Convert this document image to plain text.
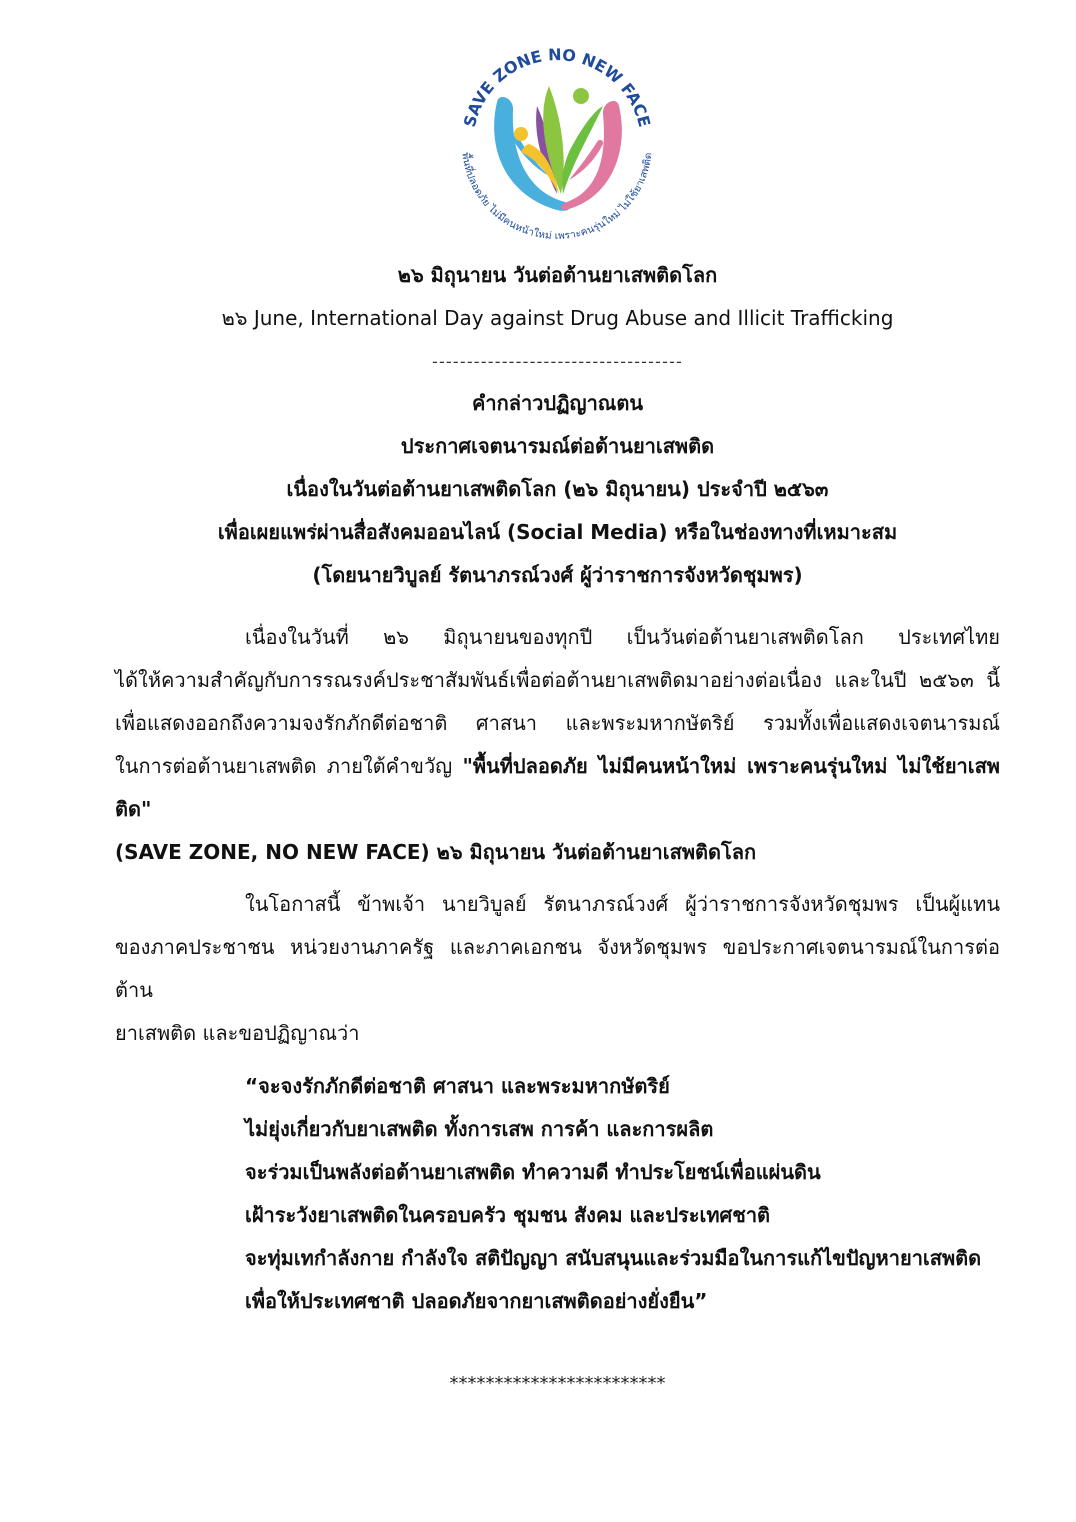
SAVE ZONE NO NEW FACE
พื้นที่ปลอดภัย ไม่มีคนหน้าใหม่ เพราะคนรุ่นใหม่ ไม่ใช้ยาเสพติด
๒๖ มิถุนายน วันต่อต้านยาเสพติดโลก
๒๖ June, International Day against Drug Abuse and Illicit Trafficking
------------------------------------
คำกล่าวปฏิญาณตน
ประกาศเจตนารมณ์ต่อต้านยาเสพติด
เนื่องในวันต่อต้านยาเสพติดโลก (๒๖ มิถุนายน) ประจำปี ๒๕๖๓
เพื่อเผยแพร่ผ่านสื่อสังคมออนไลน์ (Social Media) หรือในช่องทางที่เหมาะสม
(โดยนายวิบูลย์ รัตนาภรณ์วงศ์ ผู้ว่าราชการจังหวัดชุมพร)
เนื่องในวันที่ ๒๖ มิถุนายนของทุกปี เป็นวันต่อต้านยาเสพติดโลก ประเทศไทย
ได้ให้ความสำคัญกับการรณรงค์ประชาสัมพันธ์เพื่อต่อต้านยาเสพติดมาอย่างต่อเนื่อง และในปี ๒๕๖๓ นี้
เพื่อแสดงออกถึงความจงรักภักดีต่อชาติ ศาสนา และพระมหากษัตริย์ รวมทั้งเพื่อแสดงเจตนารมณ์
ในการต่อต้านยาเสพติด ภายใต้คำขวัญ "พื้นที่ปลอดภัย ไม่มีคนหน้าใหม่ เพราะคนรุ่นใหม่ ไม่ใช้ยาเสพติด"
(SAVE ZONE, NO NEW FACE) ๒๖ มิถุนายน วันต่อต้านยาเสพติดโลก
ในโอกาสนี้ ข้าพเจ้า นายวิบูลย์ รัตนาภรณ์วงศ์ ผู้ว่าราชการจังหวัดชุมพร เป็นผู้แทน
ของภาคประชาชน หน่วยงานภาครัฐ และภาคเอกชน จังหวัดชุมพร ขอประกาศเจตนารมณ์ในการต่อต้าน
ยาเสพติด และขอปฏิญาณว่า
“จะจงรักภักดีต่อชาติ ศาสนา และพระมหากษัตริย์
ไม่ยุ่งเกี่ยวกับยาเสพติด ทั้งการเสพ การค้า และการผลิต
จะร่วมเป็นพลังต่อต้านยาเสพติด ทำความดี ทำประโยชน์เพื่อแผ่นดิน
เฝ้าระวังยาเสพติดในครอบครัว ชุมชน สังคม และประเทศชาติ
จะทุ่มเทกำลังกาย กำลังใจ สติปัญญา สนับสนุนและร่วมมือในการแก้ไขปัญหายาเสพติด
เพื่อให้ประเทศชาติ ปลอดภัยจากยาเสพติดอย่างยั่งยืน”
************************
